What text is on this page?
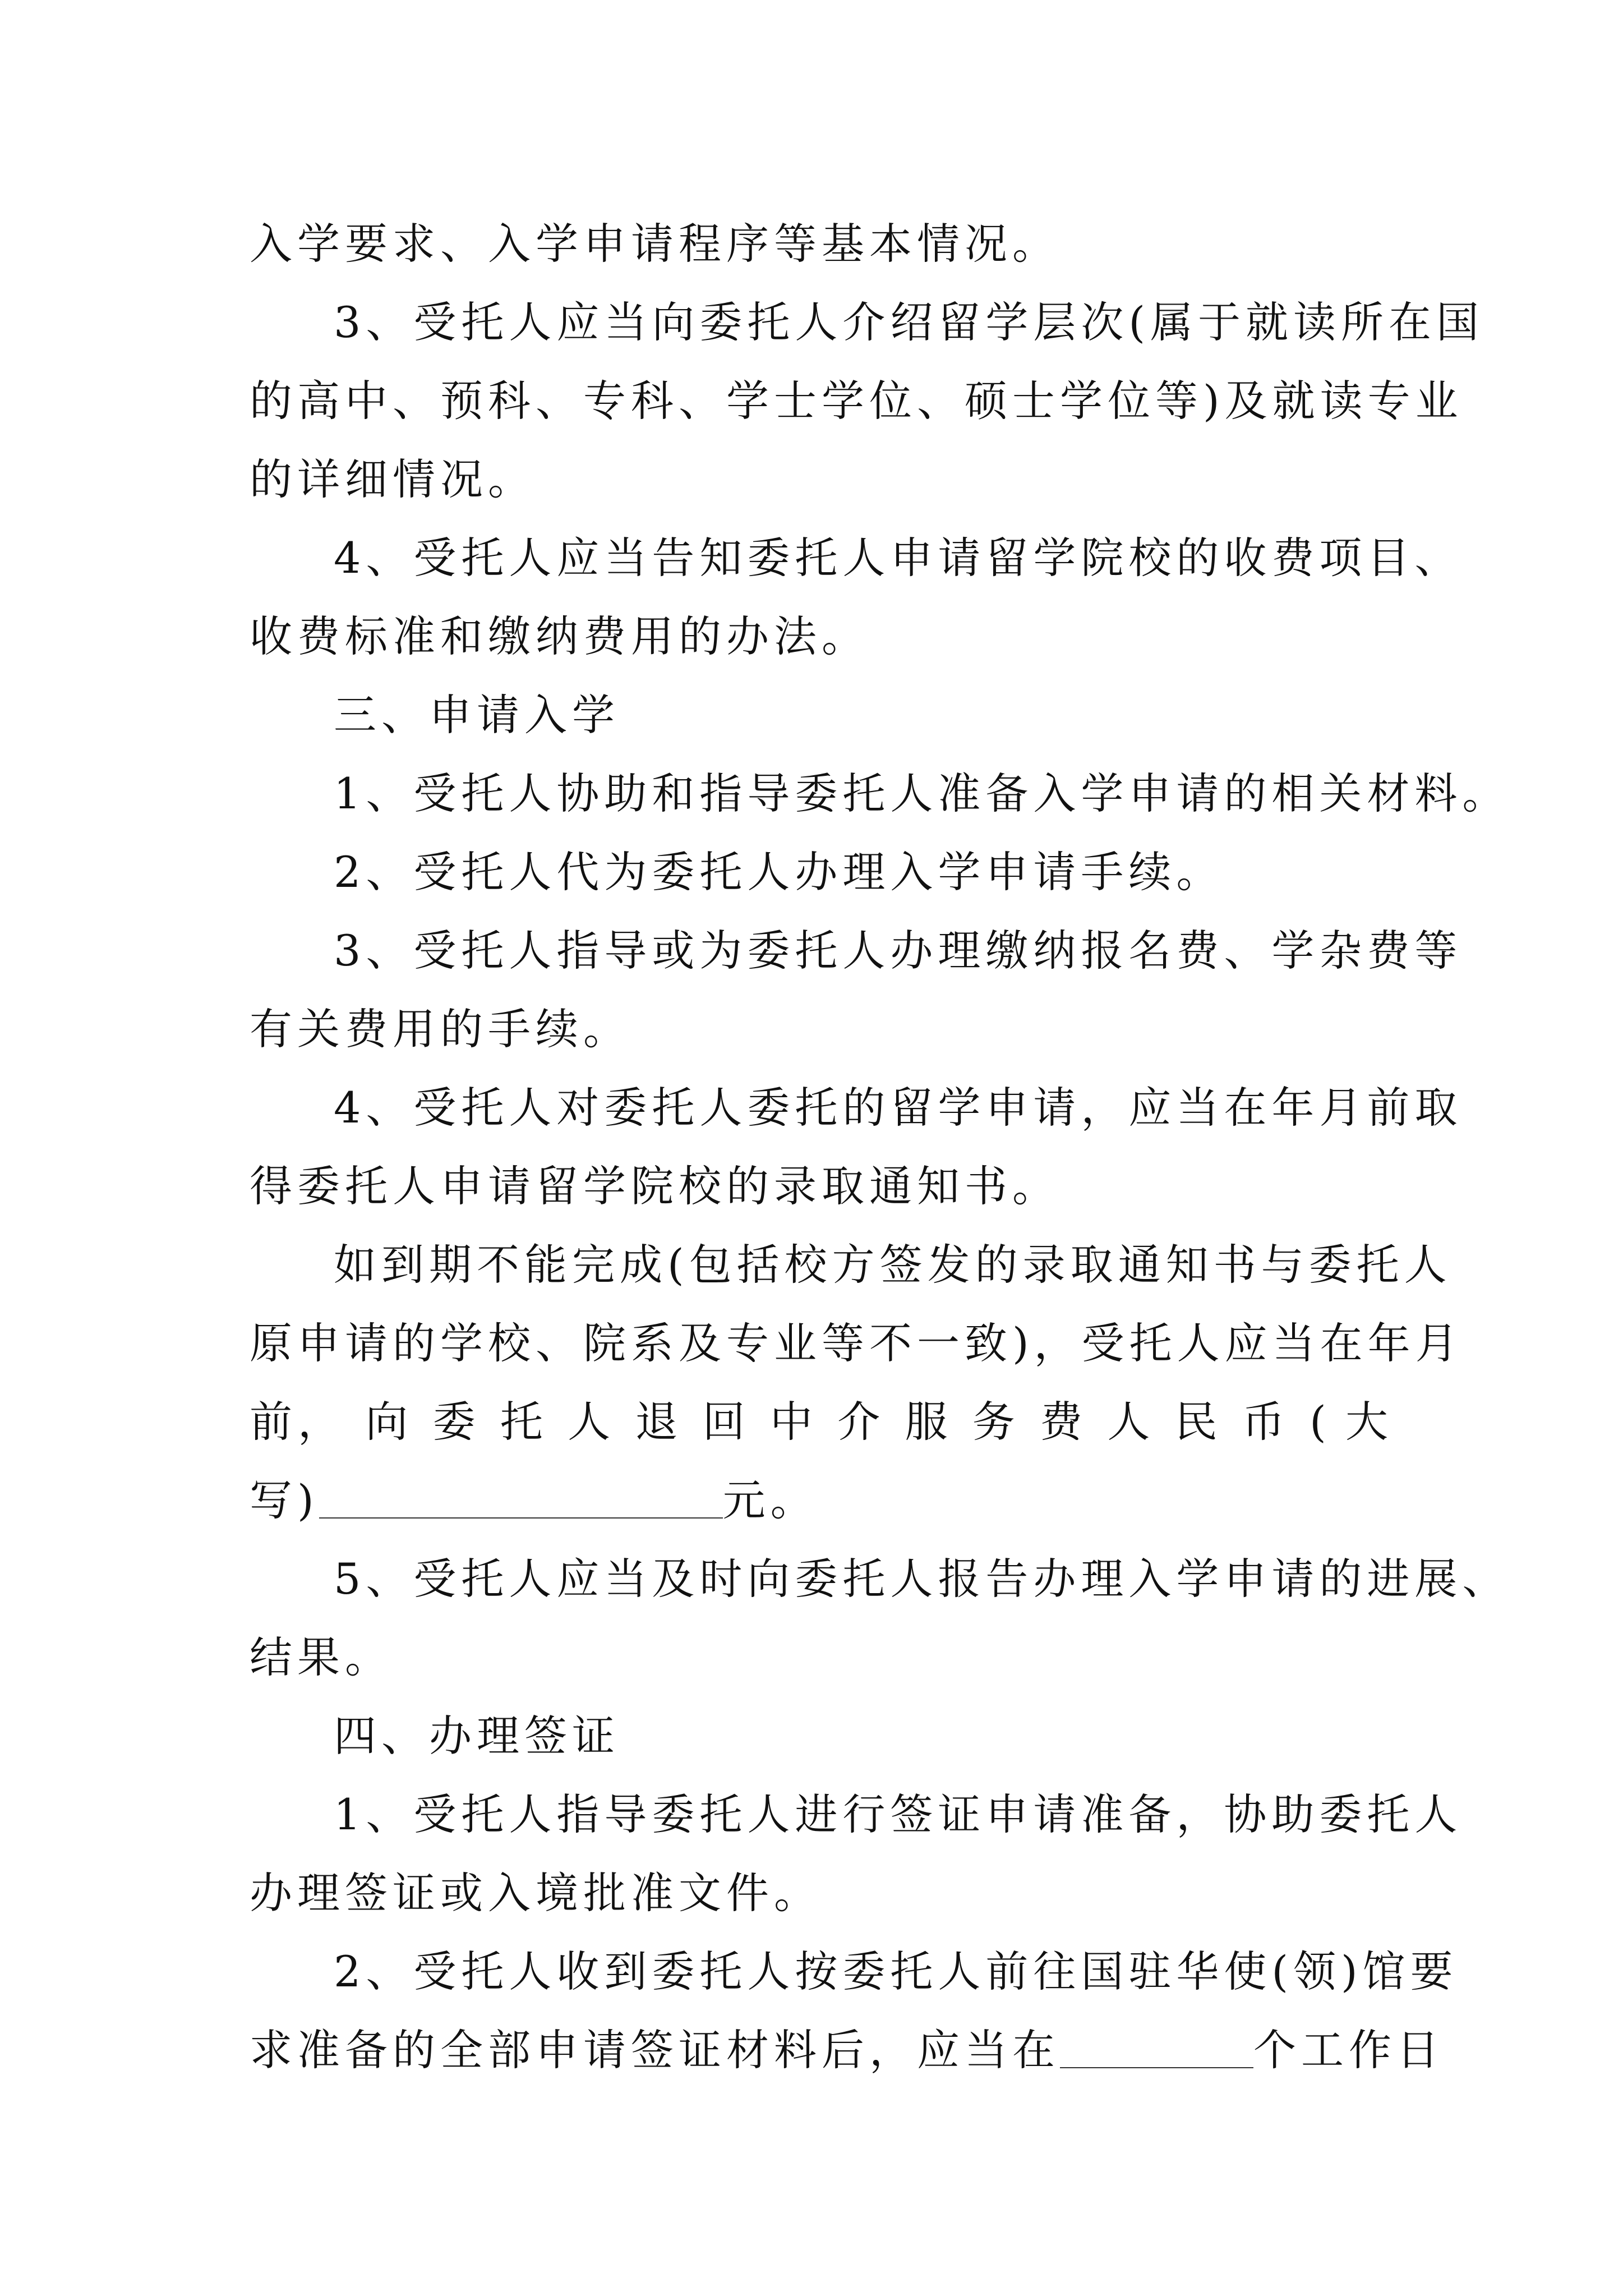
入学要求、入学申请程序等基本情况。
3、受托人应当向委托人介绍留学层次(属于就读所在国
的高中、预科、专科、学士学位、硕士学位等)及就读专业
的详细情况。
4、受托人应当告知委托人申请留学院校的收费项目、
收费标准和缴纳费用的办法。
三、申请入学
1、受托人协助和指导委托人准备入学申请的相关材料。
2、受托人代为委托人办理入学申请手续。
3、受托人指导或为委托人办理缴纳报名费、学杂费等
有关费用的手续。
4、受托人对委托人委托的留学申请，应当在年月前取
得委托人申请留学院校的录取通知书。
如到期不能完成(包括校方签发的录取通知书与委托人
原申请的学校、院系及专业等不一致)，受托人应当在年月
前， 向 委 托 人 退 回 中 介 服 务 费 人 民 币 ( 大
写)	元。
5、受托人应当及时向委托人报告办理入学申请的进展、
结果。
四、办理签证
1、受托人指导委托人进行签证申请准备，协助委托人
办理签证或入境批准文件。
2、受托人收到委托人按委托人前往国驻华使(领)馆要
求准备的全部申请签证材料后，应当在	个工作日
